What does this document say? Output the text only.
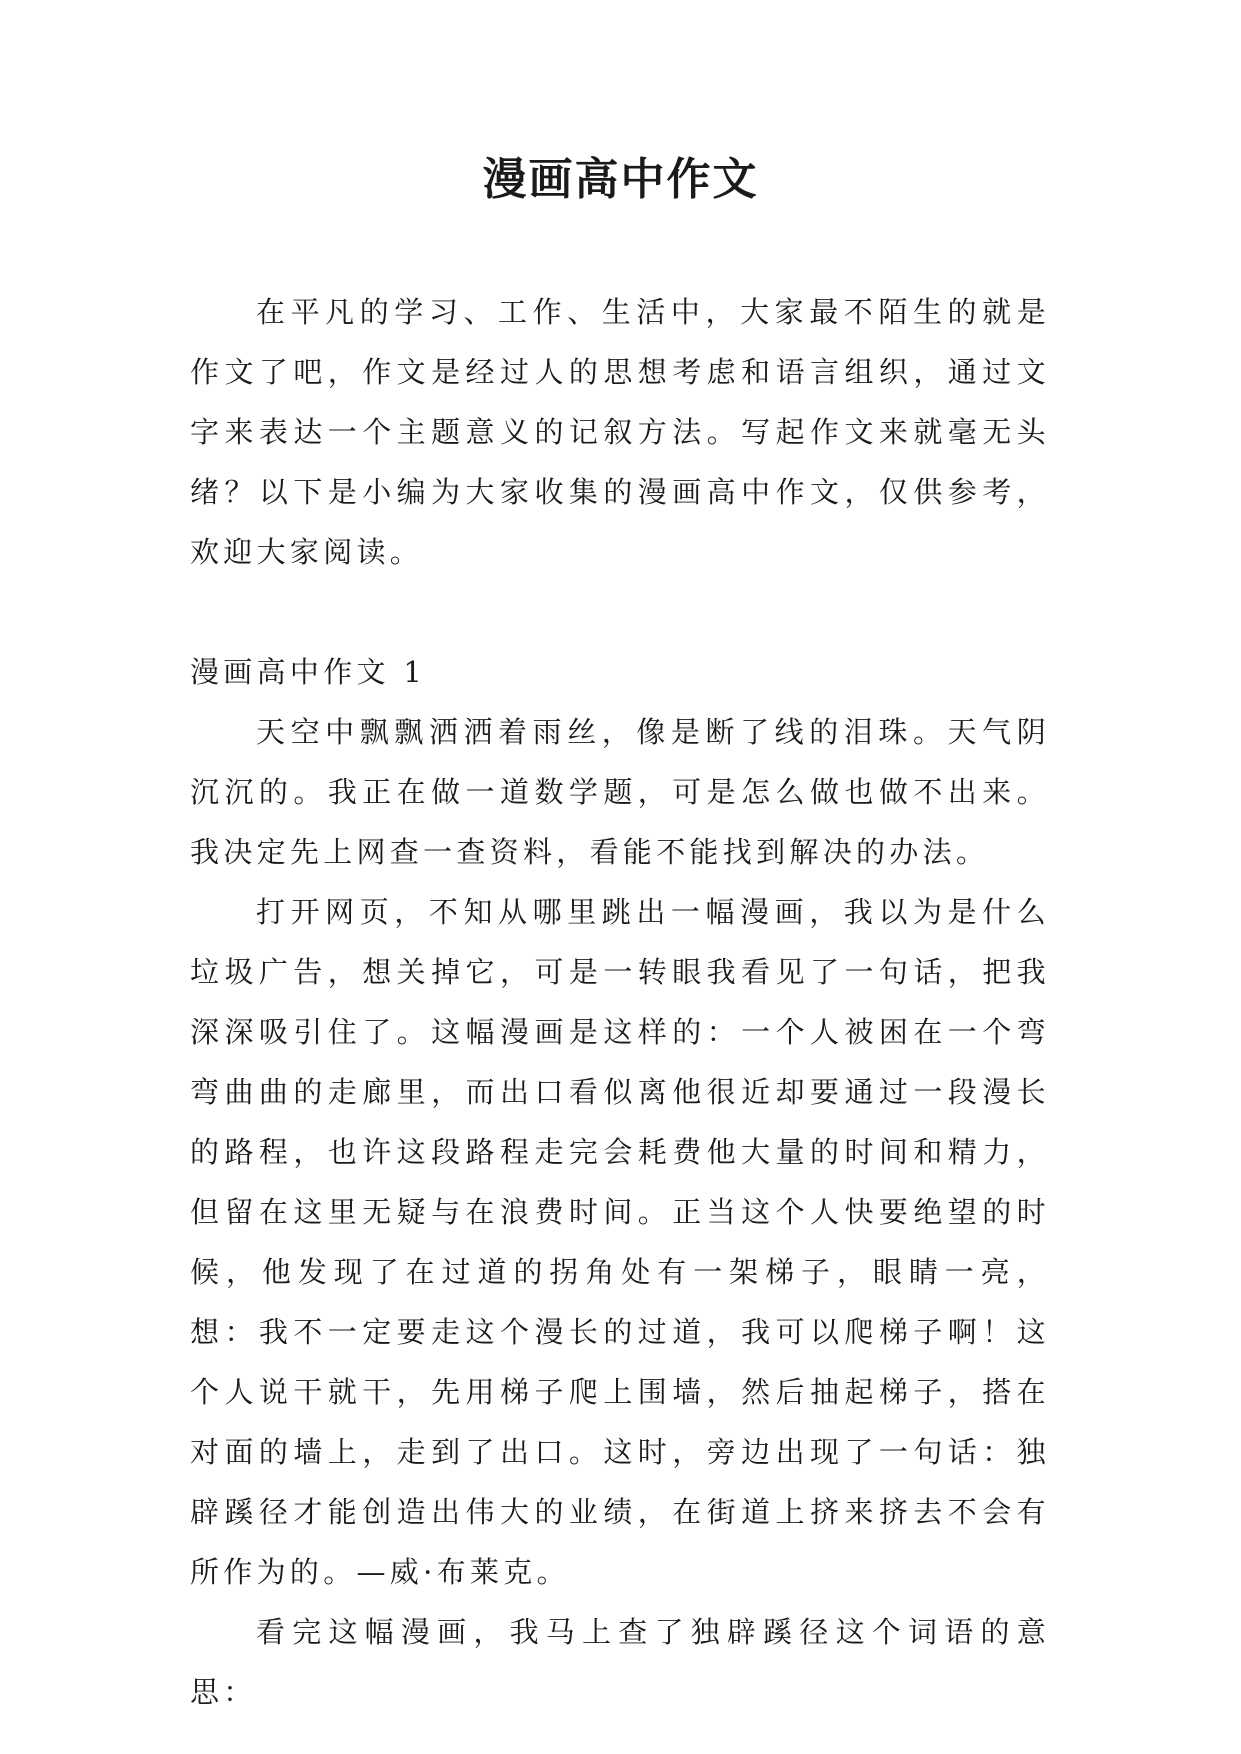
漫画高中作文

在平凡的学习、工作、生活中，大家最不陌生的就是作文了吧，作文是经过人的思想考虑和语言组织，通过文字来表达一个主题意义的记叙方法。写起作文来就毫无头绪？以下是小编为大家收集的漫画高中作文，仅供参考，欢迎大家阅读。

漫画高中作文 1

天空中飘飘洒洒着雨丝，像是断了线的泪珠。天气阴沉沉的。我正在做一道数学题，可是怎么做也做不出来。我决定先上网查一查资料，看能不能找到解决的办法。

打开网页，不知从哪里跳出一幅漫画，我以为是什么垃圾广告，想关掉它，可是一转眼我看见了一句话，把我深深吸引住了。这幅漫画是这样的：一个人被困在一个弯弯曲曲的走廊里，而出口看似离他很近却要通过一段漫长的路程，也许这段路程走完会耗费他大量的时间和精力，但留在这里无疑与在浪费时间。正当这个人快要绝望的时候，他发现了在过道的拐角处有一架梯子，眼睛一亮，想：我不一定要走这个漫长的过道，我可以爬梯子啊！这个人说干就干，先用梯子爬上围墙，然后抽起梯子，搭在对面的墙上，走到了出口。这时，旁边出现了一句话：独辟蹊径才能创造出伟大的业绩，在街道上挤来挤去不会有所作为的。—威·布莱克。

看完这幅漫画，我马上查了独辟蹊径这个词语的意思：
